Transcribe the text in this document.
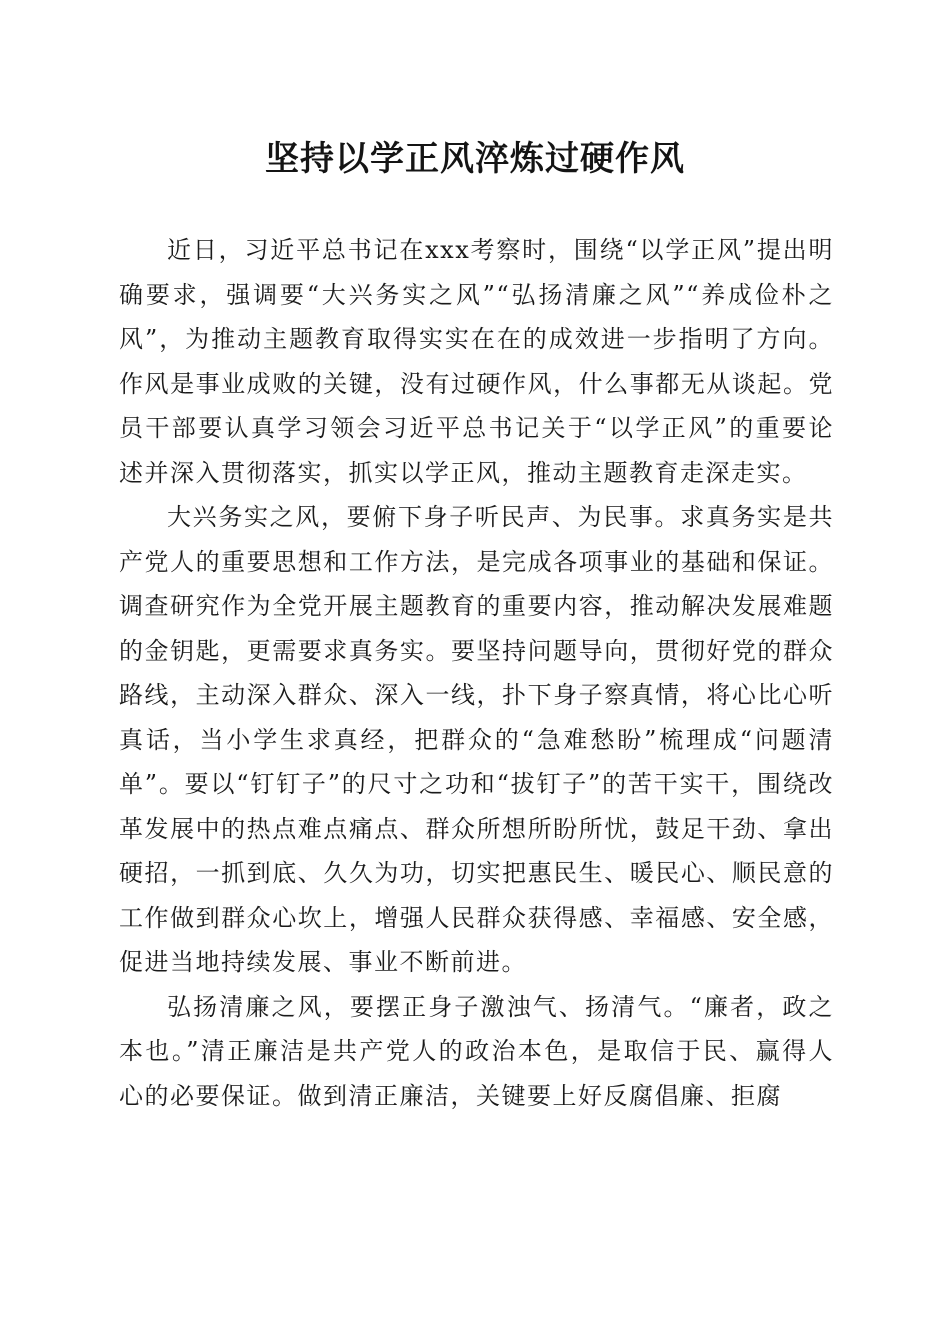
坚持以学正风淬炼过硬作风

近日，习近平总书记在xxx考察时，围绕“以学正风”提出明确要求，强调要“大兴务实之风”“弘扬清廉之风”“养成俭朴之风”，为推动主题教育取得实实在在的成效进一步指明了方向。作风是事业成败的关键，没有过硬作风，什么事都无从谈起。党员干部要认真学习领会习近平总书记关于“以学正风”的重要论述并深入贯彻落实，抓实以学正风，推动主题教育走深走实。

大兴务实之风，要俯下身子听民声、为民事。求真务实是共产党人的重要思想和工作方法，是完成各项事业的基础和保证。调查研究作为全党开展主题教育的重要内容，推动解决发展难题的金钥匙，更需要求真务实。要坚持问题导向，贯彻好党的群众路线，主动深入群众、深入一线，扑下身子察真情，将心比心听真话，当小学生求真经，把群众的“急难愁盼”梳理成“问题清单”。要以“钉钉子”的尺寸之功和“拔钉子”的苦干实干，围绕改革发展中的热点难点痛点、群众所想所盼所忧，鼓足干劲、拿出硬招，一抓到底、久久为功，切实把惠民生、暖民心、顺民意的工作做到群众心坎上，增强人民群众获得感、幸福感、安全感，促进当地持续发展、事业不断前进。

弘扬清廉之风，要摆正身子激浊气、扬清气。“廉者，政之本也。”清正廉洁是共产党人的政治本色，是取信于民、赢得人心的必要保证。做到清正廉洁，关键要上好反腐倡廉、拒腐
